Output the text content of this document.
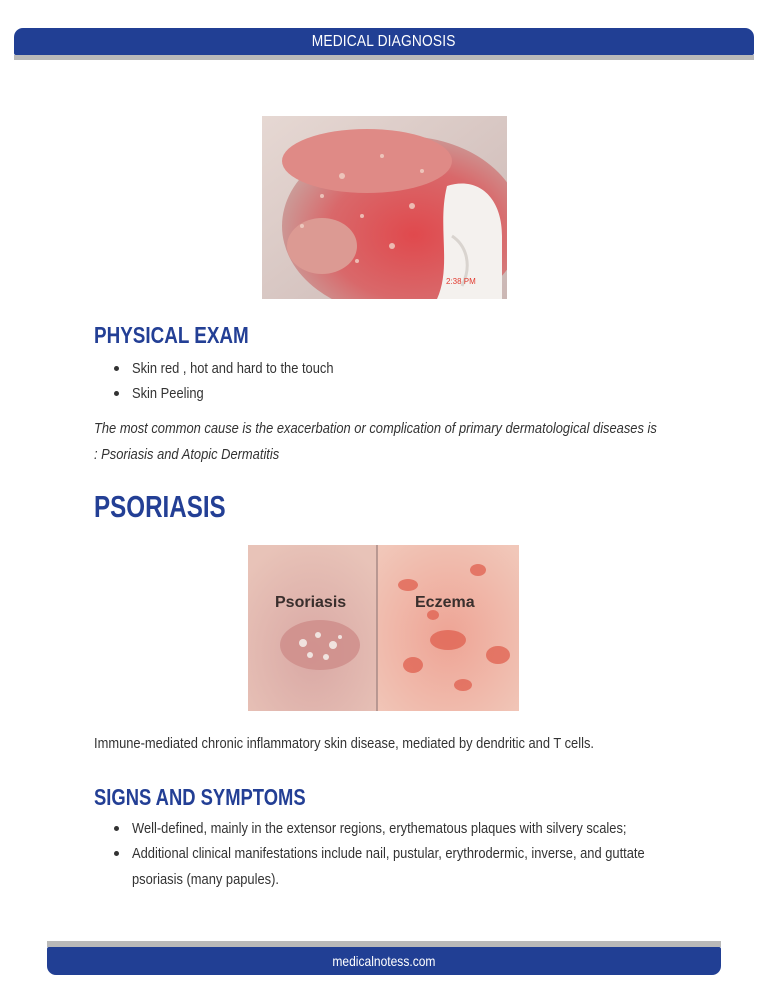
MEDICAL DIAGNOSIS
2:38 PM
PHYSICAL EXAM
Skin red , hot and hard to the touch
Skin Peeling
The most common cause is the exacerbation or complication of primary dermatological diseases is
: Psoriasis and Atopic Dermatitis
PSORIASIS
Psoriasis	Eczema
Immune-mediated chronic inflammatory skin disease, mediated by dendritic and T cells.
SIGNS AND SYMPTOMS
Well-defined, mainly in the extensor regions, erythematous plaques with silvery scales;
Additional clinical manifestations include nail, pustular, erythrodermic, inverse, and guttate psoriasis (many papules).
medicalnotess.com
